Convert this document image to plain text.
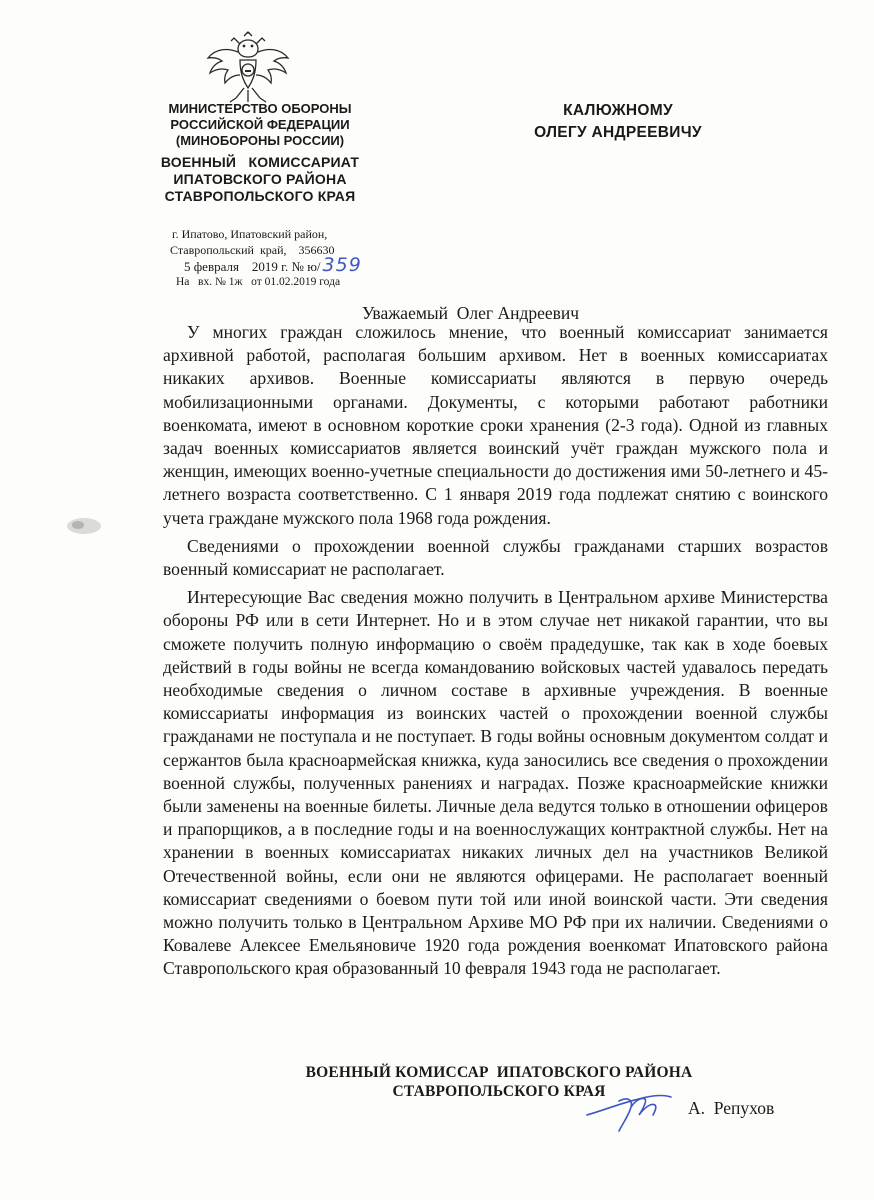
МИНИСТЕРСТВО ОБОРОНЫ
РОССИЙСКОЙ ФЕДЕРАЦИИ
(МИНОБОРОНЫ РОССИИ)
ВОЕННЫЙ   КОМИССАРИАТ
ИПАТОВСКОГО РАЙОНА
СТАВРОПОЛЬСКОГО КРАЯ
г. Ипатово, Ипатовский район,
Ставропольский  край,    356630
5 февраля    2019 г. № ю/ 359
На   вх. № 1ж   от 01.02.2019 года
КАЛЮЖНОМУ
ОЛЕГУ АНДРЕЕВИЧУ
Уважаемый  Олег Андреевич

У многих граждан сложилось мнение, что военный комиссариат занимается архивной работой, располагая большим архивом. Нет в военных комиссариатах никаких архивов. Военные комиссариаты являются в первую очередь мобилизационными органами. Документы, с которыми работают работники военкомата, имеют в основном короткие сроки хранения (2-3 года). Одной из главных задач военных комиссариатов является воинский учёт граждан мужского пола и женщин, имеющих военно-учетные специальности до достижения ими 50-летнего и 45-летнего возраста соответственно. С 1 января 2019 года подлежат снятию с воинского учета граждане мужского пола 1968 года рождения.

Сведениями о прохождении военной службы гражданами старших возрастов военный комиссариат не располагает.

Интересующие Вас сведения можно получить в Центральном архиве Министерства обороны РФ или в сети Интернет. Но и в этом случае нет никакой гарантии, что вы сможете получить полную информацию о своём прадедушке, так как в ходе боевых действий в годы войны не всегда командованию войсковых частей удавалось передать необходимые сведения о личном составе в архивные учреждения. В военные комиссариаты информация из воинских частей о прохождении военной службы гражданами не поступала и не поступает. В годы войны основным документом солдат и сержантов была красноармейская книжка, куда заносились все сведения о прохождении военной службы, полученных ранениях и наградах. Позже красноармейские книжки были заменены на военные билеты. Личные дела ведутся только в отношении офицеров и прапорщиков, а в последние годы и на военнослужащих контрактной службы. Нет на хранении в военных комиссариатах никаких личных дел на участников Великой Отечественной войны, если они не являются офицерами. Не располагает военный комиссариат сведениями о боевом пути той или иной воинской части. Эти сведения можно получить только в Центральном Архиве МО РФ при их наличии. Сведениями о Ковалеве Алексее Емельяновиче 1920 года рождения военкомат Ипатовского района Ставропольского края образованный 10 февраля 1943 года не располагает.

ВОЕННЫЙ КОМИССАР  ИПАТОВСКОГО РАЙОНА
СТАВРОПОЛЬСКОГО КРАЯ
А.  Репухов
